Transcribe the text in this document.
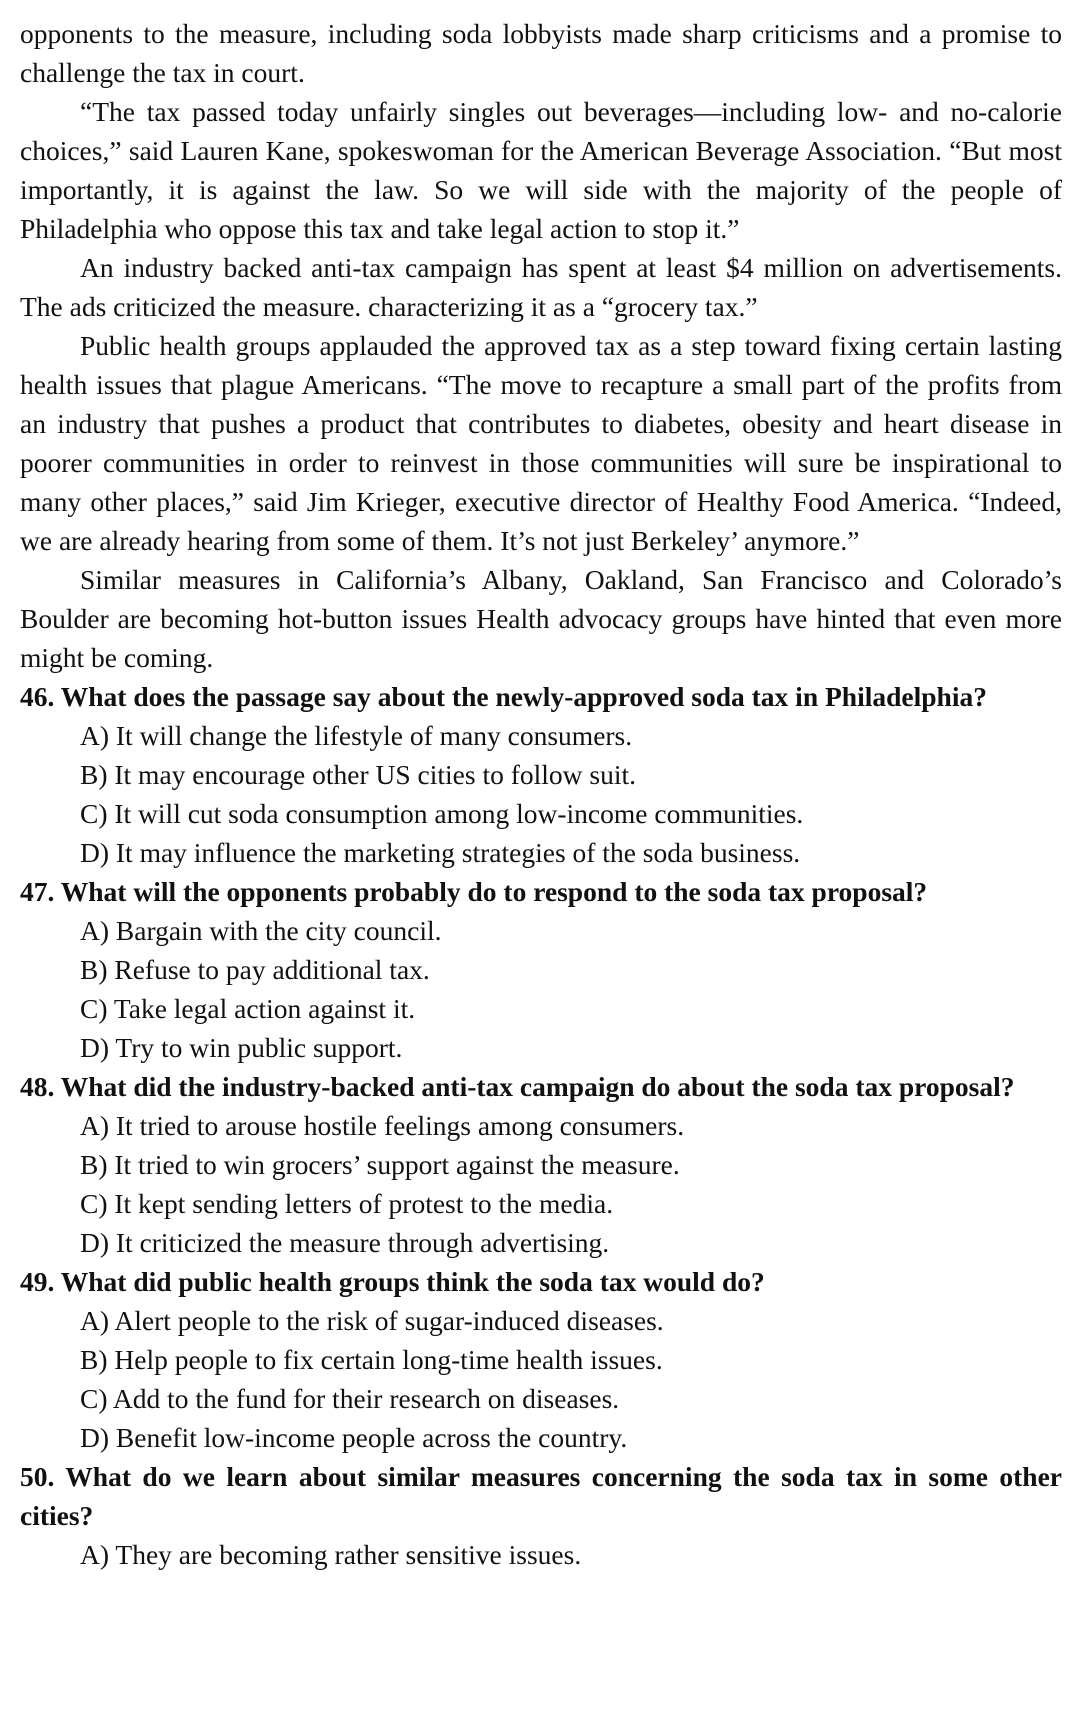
opponents to the measure, including soda lobbyists made sharp criticisms and a promise to challenge the tax in court.

“The tax passed today unfairly singles out beverages—including low- and no-calorie choices,” said Lauren Kane, spokeswoman for the American Beverage Association. “But most importantly, it is against the law. So we will side with the majority of the people of Philadelphia who oppose this tax and take legal action to stop it.”

An industry backed anti-tax campaign has spent at least $4 million on advertisements. The ads criticized the measure. characterizing it as a “grocery tax.”

Public health groups applauded the approved tax as a step toward fixing certain lasting health issues that plague Americans. “The move to recapture a small part of the profits from an industry that pushes a product that contributes to diabetes, obesity and heart disease in poorer communities in order to reinvest in those communities will sure be inspirational to many other places,” said Jim Krieger, executive director of Healthy Food America. “Indeed, we are already hearing from some of them. It’s not just Berkeley’ anymore.”

Similar measures in California’s Albany, Oakland, San Francisco and Colorado’s Boulder are becoming hot-button issues Health advocacy groups have hinted that even more might be coming.

46. What does the passage say about the newly-approved soda tax in Philadelphia?

A) It will change the lifestyle of many consumers.

B) It may encourage other US cities to follow suit.

C) It will cut soda consumption among low-income communities.

D) It may influence the marketing strategies of the soda business.

47. What will the opponents probably do to respond to the soda tax proposal?

A) Bargain with the city council.

B) Refuse to pay additional tax.

C) Take legal action against it.

D) Try to win public support.

48. What did the industry-backed anti-tax campaign do about the soda tax proposal?

A) It tried to arouse hostile feelings among consumers.

B) It tried to win grocers’ support against the measure.

C) It kept sending letters of protest to the media.

D) It criticized the measure through advertising.

49. What did public health groups think the soda tax would do?

A) Alert people to the risk of sugar-induced diseases.

B) Help people to fix certain long-time health issues.

C) Add to the fund for their research on diseases.

D) Benefit low-income people across the country.

50. What do we learn about similar measures concerning the soda tax in some other cities?

A) They are becoming rather sensitive issues.
